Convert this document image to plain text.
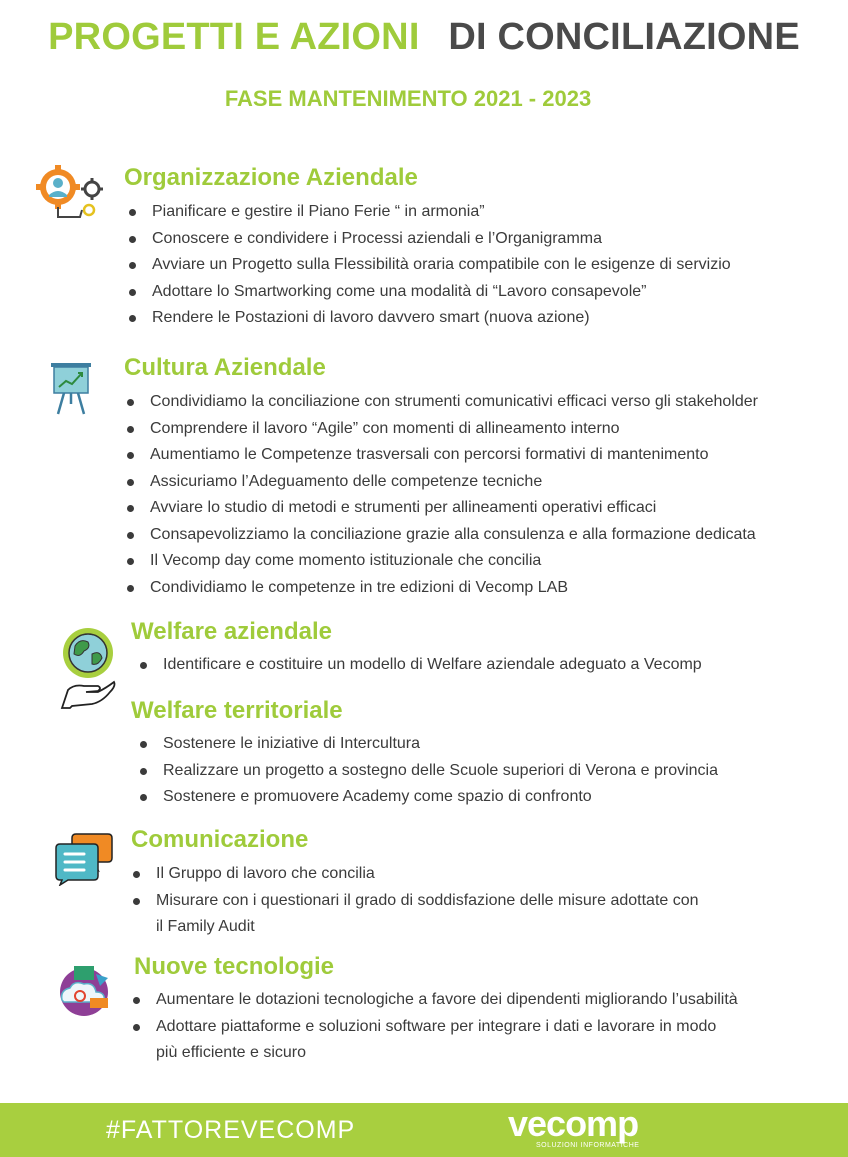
PROGETTI E AZIONI DI CONCILIAZIONE
FASE MANTENIMENTO 2021 - 2023
Organizzazione Aziendale
Pianificare e gestire il Piano Ferie “ in armonia”
Conoscere e condividere i Processi aziendali e l’Organigramma
Avviare un Progetto sulla Flessibilità oraria compatibile con le esigenze di servizio
Adottare lo Smartworking come una modalità di “Lavoro consapevole”
Rendere le Postazioni di lavoro davvero smart (nuova azione)
Cultura Aziendale
Condividiamo la conciliazione con strumenti comunicativi efficaci verso gli stakeholder
Comprendere il lavoro “Agile” con momenti di allineamento interno
Aumentiamo le Competenze trasversali con percorsi formativi di mantenimento
Assicuriamo l’Adeguamento delle competenze tecniche
Avviare lo studio di metodi e strumenti per allineamenti operativi efficaci
Consapevolizziamo la conciliazione grazie alla consulenza e alla formazione dedicata
Il Vecomp day come momento istituzionale che concilia
Condividiamo le competenze in tre edizioni di Vecomp LAB
Welfare aziendale
Identificare e costituire un modello di Welfare aziendale adeguato a Vecomp
Welfare territoriale
Sostenere le iniziative di Intercultura
Realizzare un progetto a sostegno delle Scuole superiori di Verona e provincia
Sostenere e promuovere Academy come spazio di confronto
Comunicazione
Il Gruppo di lavoro che concilia
Misurare con i questionari il grado di soddisfazione delle misure adottate con
il Family Audit
Nuove tecnologie
Aumentare le dotazioni tecnologiche a favore dei dipendenti migliorando l’usabilità
Adottare piattaforme e soluzioni software per integrare i dati e lavorare in modo
più efficiente e sicuro
#FATTOREVECOMP	vecomp
SOLUZIONI INFORMATICHE
